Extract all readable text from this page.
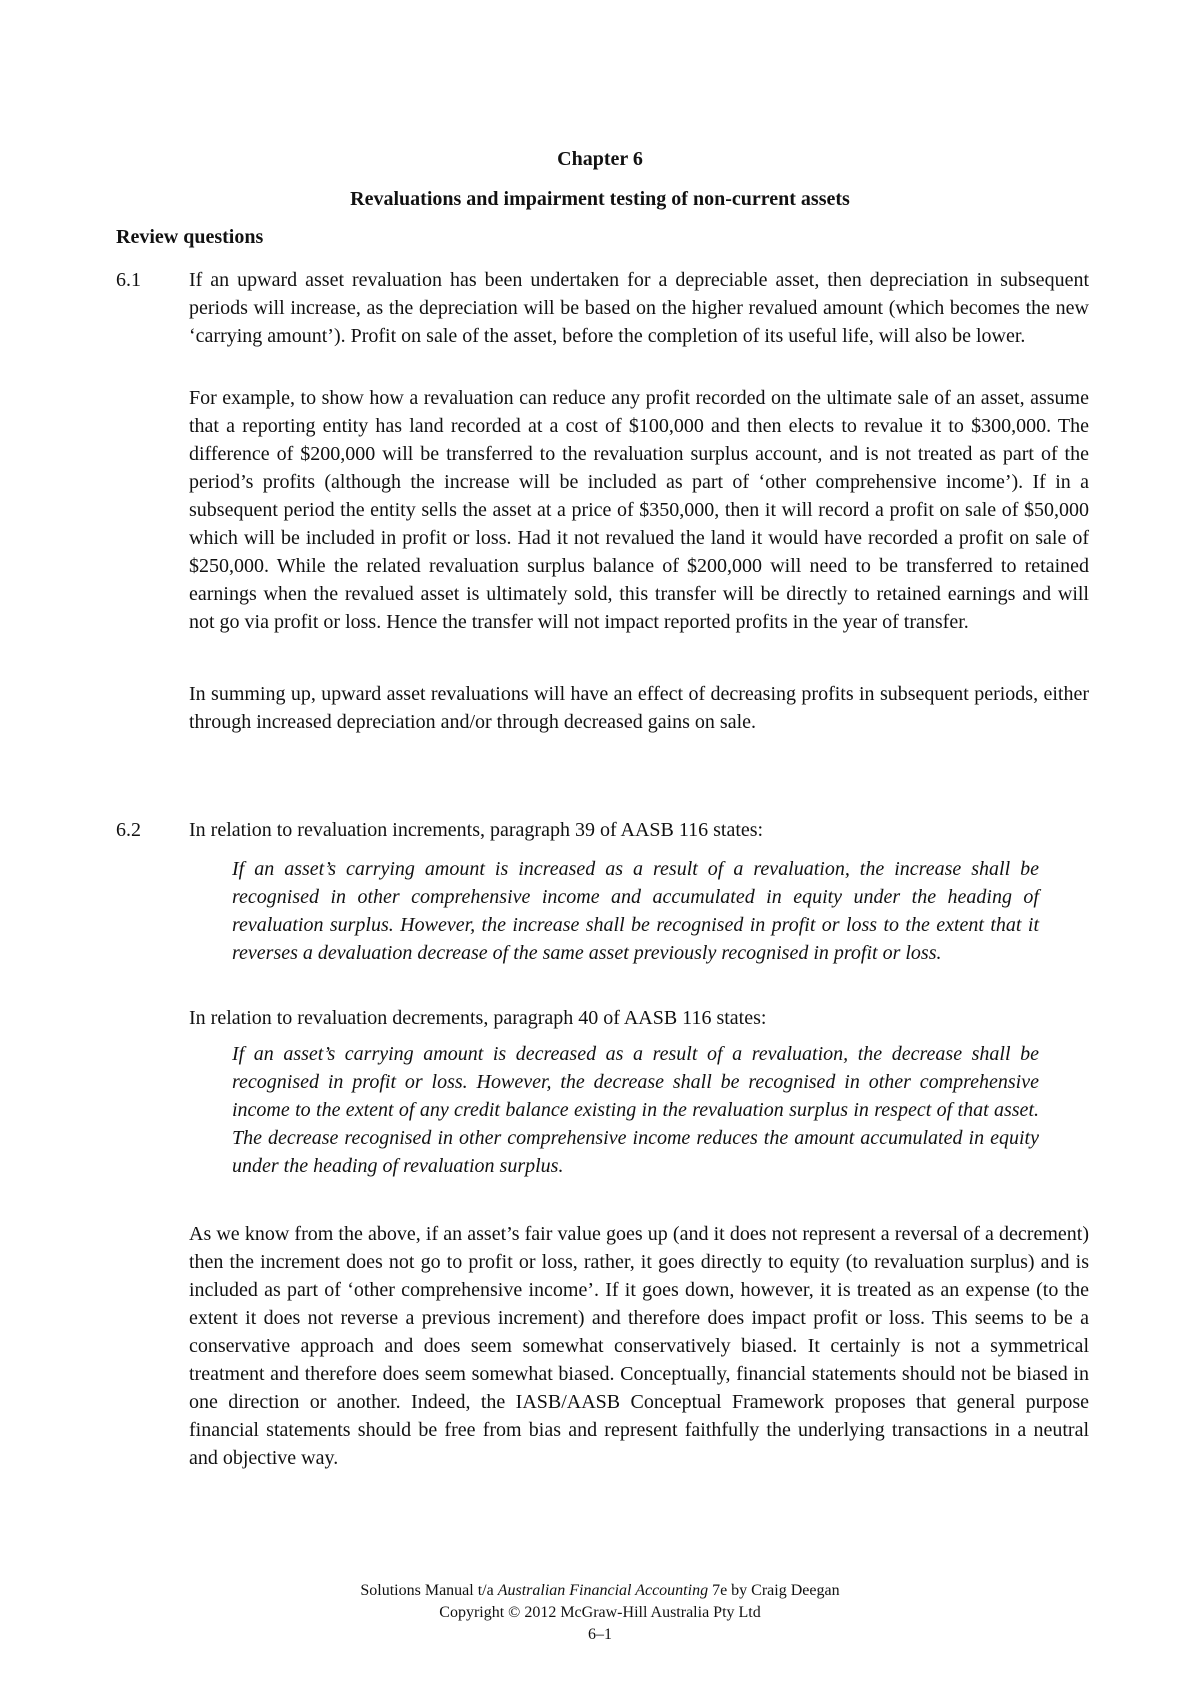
Chapter 6
Revaluations and impairment testing of non-current assets
Review questions
6.1 If an upward asset revaluation has been undertaken for a depreciable asset, then depreciation in subsequent periods will increase, as the depreciation will be based on the higher revalued amount (which becomes the new ‘carrying amount’). Profit on sale of the asset, before the completion of its useful life, will also be lower.

For example, to show how a revaluation can reduce any profit recorded on the ultimate sale of an asset, assume that a reporting entity has land recorded at a cost of $100,000 and then elects to revalue it to $300,000. The difference of $200,000 will be transferred to the revaluation surplus account, and is not treated as part of the period’s profits (although the increase will be included as part of ‘other comprehensive income’). If in a subsequent period the entity sells the asset at a price of $350,000, then it will record a profit on sale of $50,000 which will be included in profit or loss. Had it not revalued the land it would have recorded a profit on sale of $250,000. While the related revaluation surplus balance of $200,000 will need to be transferred to retained earnings when the revalued asset is ultimately sold, this transfer will be directly to retained earnings and will not go via profit or loss. Hence the transfer will not impact reported profits in the year of transfer.

In summing up, upward asset revaluations will have an effect of decreasing profits in subsequent periods, either through increased depreciation and/or through decreased gains on sale.

6.2 In relation to revaluation increments, paragraph 39 of AASB 116 states:

If an asset’s carrying amount is increased as a result of a revaluation, the increase shall be recognised in other comprehensive income and accumulated in equity under the heading of revaluation surplus. However, the increase shall be recognised in profit or loss to the extent that it reverses a devaluation decrease of the same asset previously recognised in profit or loss.

In relation to revaluation decrements, paragraph 40 of AASB 116 states:

If an asset’s carrying amount is decreased as a result of a revaluation, the decrease shall be recognised in profit or loss. However, the decrease shall be recognised in other comprehensive income to the extent of any credit balance existing in the revaluation surplus in respect of that asset. The decrease recognised in other comprehensive income reduces the amount accumulated in equity under the heading of revaluation surplus.

As we know from the above, if an asset’s fair value goes up (and it does not represent a reversal of a decrement) then the increment does not go to profit or loss, rather, it goes directly to equity (to revaluation surplus) and is included as part of ‘other comprehensive income’. If it goes down, however, it is treated as an expense (to the extent it does not reverse a previous increment) and therefore does impact profit or loss. This seems to be a conservative approach and does seem somewhat conservatively biased. It certainly is not a symmetrical treatment and therefore does seem somewhat biased. Conceptually, financial statements should not be biased in one direction or another. Indeed, the IASB/AASB Conceptual Framework proposes that general purpose financial statements should be free from bias and represent faithfully the underlying transactions in a neutral and objective way.

Solutions Manual t/a Australian Financial Accounting 7e by Craig Deegan
Copyright © 2012 McGraw-Hill Australia Pty Ltd
6–1
